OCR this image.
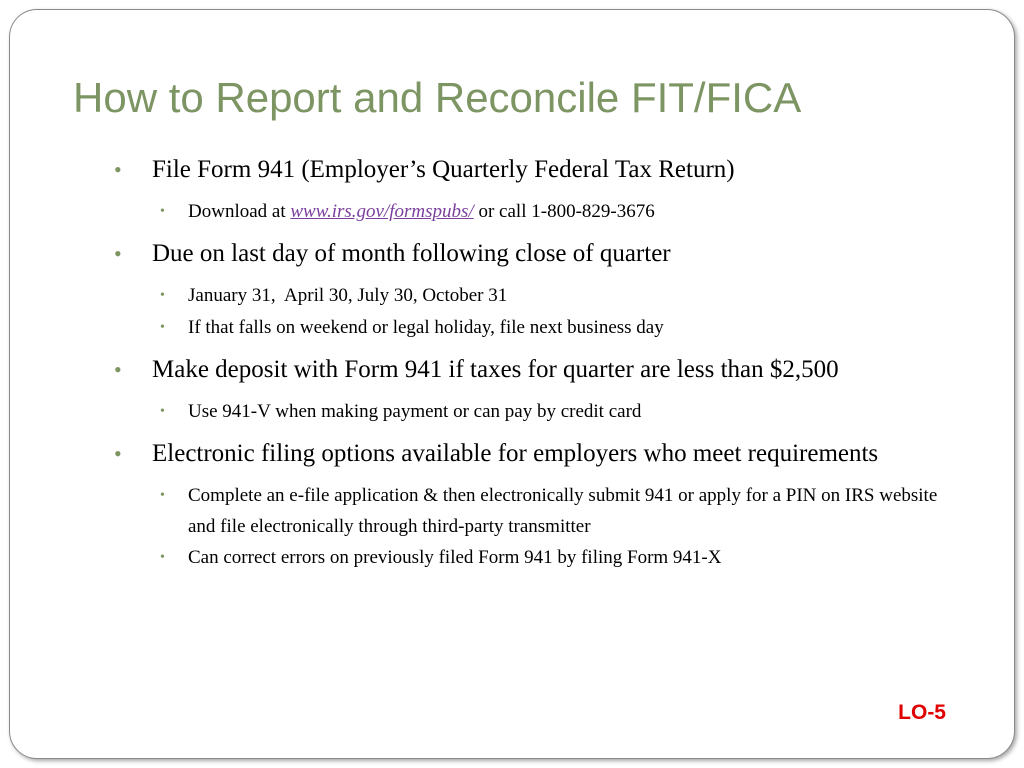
How to Report and Reconcile FIT/FICA
• File Form 941 (Employer’s Quarterly Federal Tax Return)
• Download at www.irs.gov/formspubs/ or call 1-800-829-3676
• Due on last day of month following close of quarter
• January 31,  April 30, July 30, October 31
• If that falls on weekend or legal holiday, file next business day
• Make deposit with Form 941 if taxes for quarter are less than $2,500
• Use 941-V when making payment or can pay by credit card
• Electronic filing options available for employers who meet requirements
• Complete an e-file application & then electronically submit 941 or apply for a PIN on IRS website and file electronically through third-party transmitter
• Can correct errors on previously filed Form 941 by filing Form 941-X
LO-5
